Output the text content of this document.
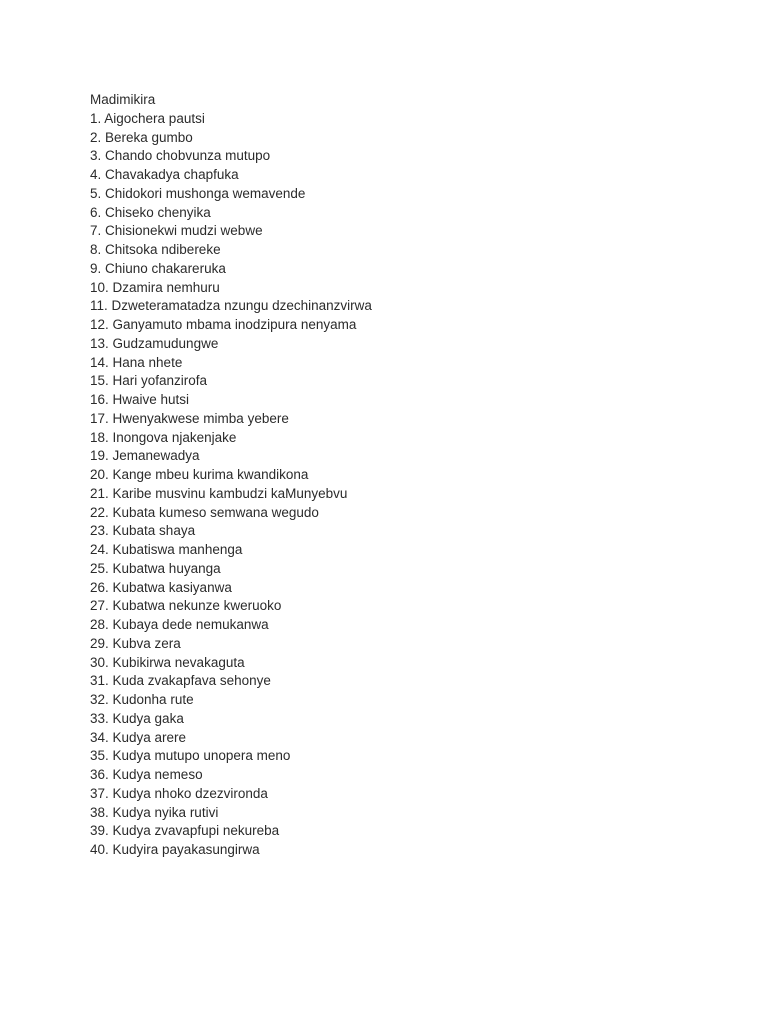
Madimikira
1. Aigochera pautsi
2. Bereka gumbo
3. Chando chobvunza mutupo
4. Chavakadya chapfuka
5. Chidokori mushonga wemavende
6. Chiseko chenyika
7. Chisionekwi mudzi webwe
8. Chitsoka ndibereke
9. Chiuno chakareruka
10. Dzamira nemhuru
11. Dzweteramatadza nzungu dzechinanzvirwa
12. Ganyamuto mbama inodzipura nenyama
13. Gudzamudungwe
14. Hana nhete
15. Hari yofanzirofa
16. Hwaive hutsi
17. Hwenyakwese mimba yebere
18. Inongova njakenjake
19. Jemanewadya
20. Kange mbeu kurima kwandikona
21. Karibe musvinu kambudzi kaMunyebvu
22. Kubata kumeso semwana wegudo
23. Kubata shaya
24. Kubatiswa manhenga
25. Kubatwa huyanga
26. Kubatwa kasiyanwa
27. Kubatwa nekunze kweruoko
28. Kubaya dede nemukanwa
29. Kubva zera
30. Kubikirwa nevakaguta
31. Kuda zvakapfava sehonye
32. Kudonha rute
33. Kudya gaka
34. Kudya arere
35. Kudya mutupo unopera meno
36. Kudya nemeso
37. Kudya nhoko dzezvironda
38. Kudya nyika rutivi
39. Kudya zvavapfupi nekureba
40. Kudyira payakasungirwa
